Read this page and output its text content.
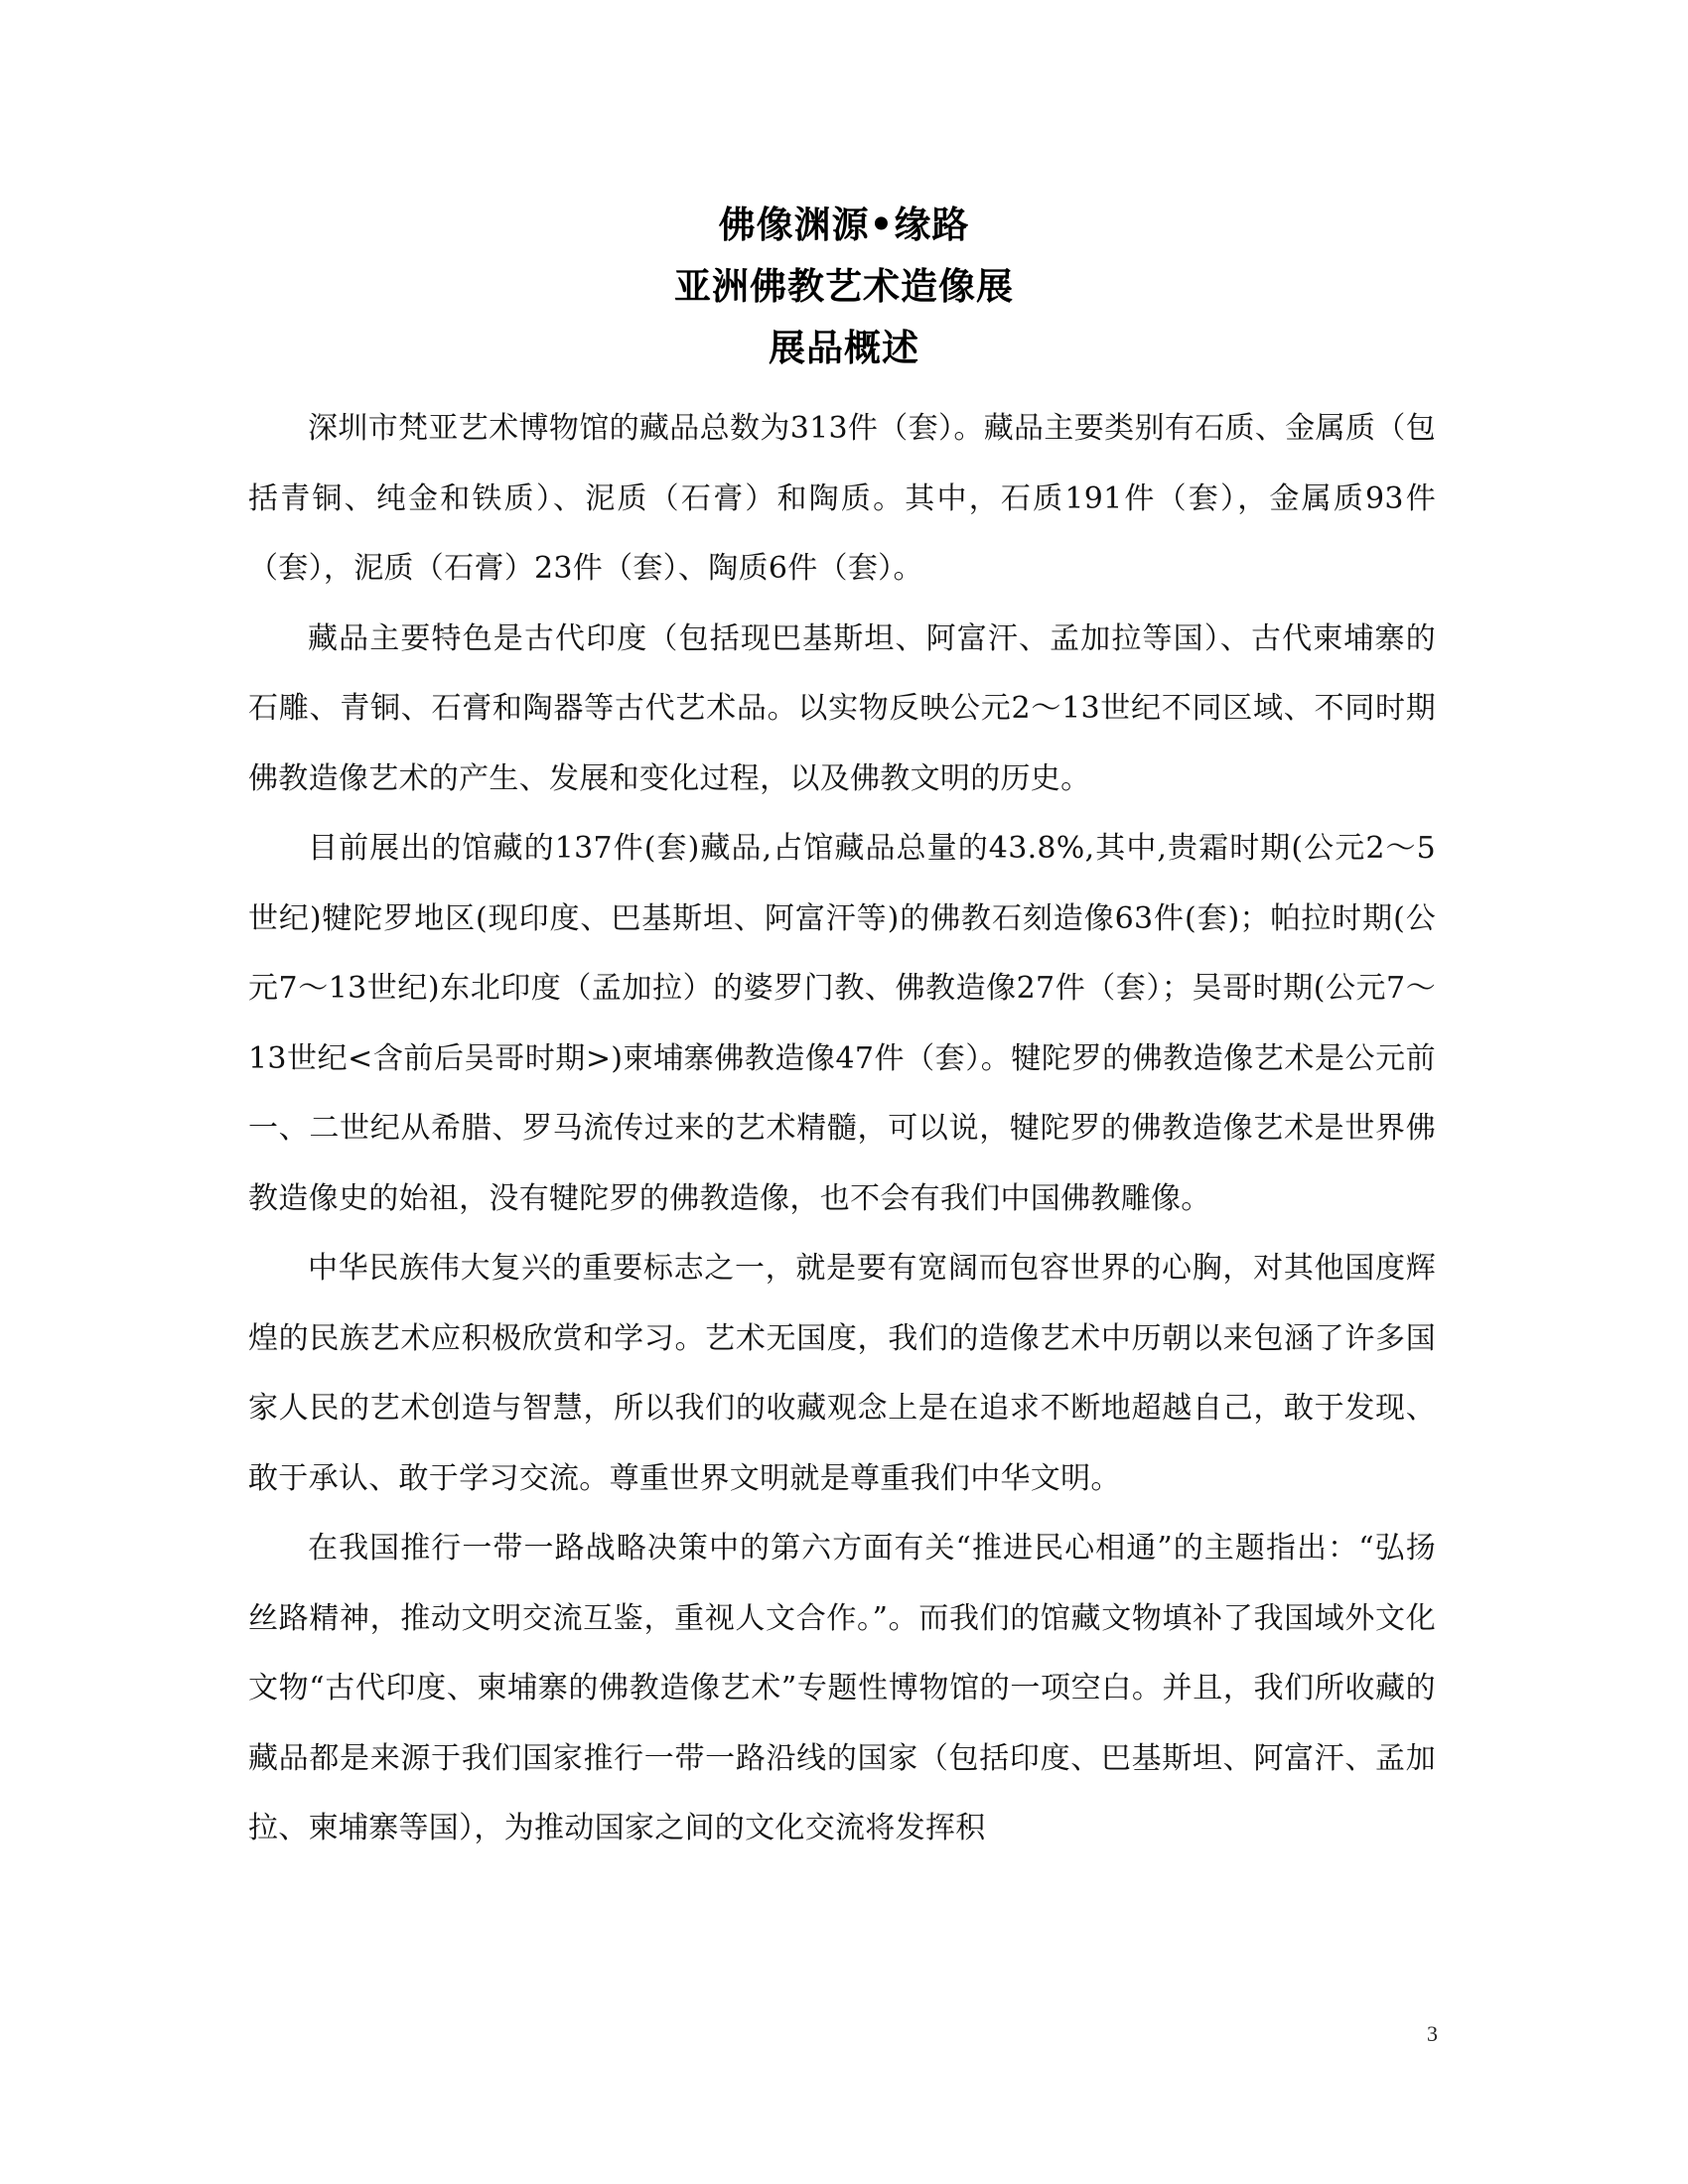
佛像渊源•缘路
亚洲佛教艺术造像展
展品概述

深圳市梵亚艺术博物馆的藏品总数为313件（套）。藏品主要类别有石质、金属质（包括青铜、纯金和铁质）、泥质（石膏）和陶质。其中，石质191件（套），金属质93件（套），泥质（石膏）23件（套）、陶质6件（套）。

藏品主要特色是古代印度（包括现巴基斯坦、阿富汗、孟加拉等国）、古代柬埔寨的石雕、青铜、石膏和陶器等古代艺术品。以实物反映公元2～13世纪不同区域、不同时期佛教造像艺术的产生、发展和变化过程，以及佛教文明的历史。

目前展出的馆藏的137件(套)藏品,占馆藏品总量的43.8%,其中,贵霜时期(公元2～5世纪)犍陀罗地区(现印度、巴基斯坦、阿富汗等)的佛教石刻造像63件(套)；帕拉时期(公元7～13世纪)东北印度（孟加拉）的婆罗门教、佛教造像27件（套）；吴哥时期(公元7～13世纪<含前后吴哥时期>)柬埔寨佛教造像47件（套）。犍陀罗的佛教造像艺术是公元前一、二世纪从希腊、罗马流传过来的艺术精髓，可以说，犍陀罗的佛教造像艺术是世界佛教造像史的始祖，没有犍陀罗的佛教造像，也不会有我们中国佛教雕像。

中华民族伟大复兴的重要标志之一，就是要有宽阔而包容世界的心胸，对其他国度辉煌的民族艺术应积极欣赏和学习。艺术无国度，我们的造像艺术中历朝以来包涵了许多国家人民的艺术创造与智慧，所以我们的收藏观念上是在追求不断地超越自己，敢于发现、敢于承认、敢于学习交流。尊重世界文明就是尊重我们中华文明。

在我国推行一带一路战略决策中的第六方面有关“推进民心相通”的主题指出：“弘扬丝路精神，推动文明交流互鉴，重视人文合作。”。而我们的馆藏文物填补了我国域外文化文物“古代印度、柬埔寨的佛教造像艺术”专题性博物馆的一项空白。并且，我们所收藏的藏品都是来源于我们国家推行一带一路沿线的国家（包括印度、巴基斯坦、阿富汗、孟加拉、柬埔寨等国），为推动国家之间的文化交流将发挥积

3
